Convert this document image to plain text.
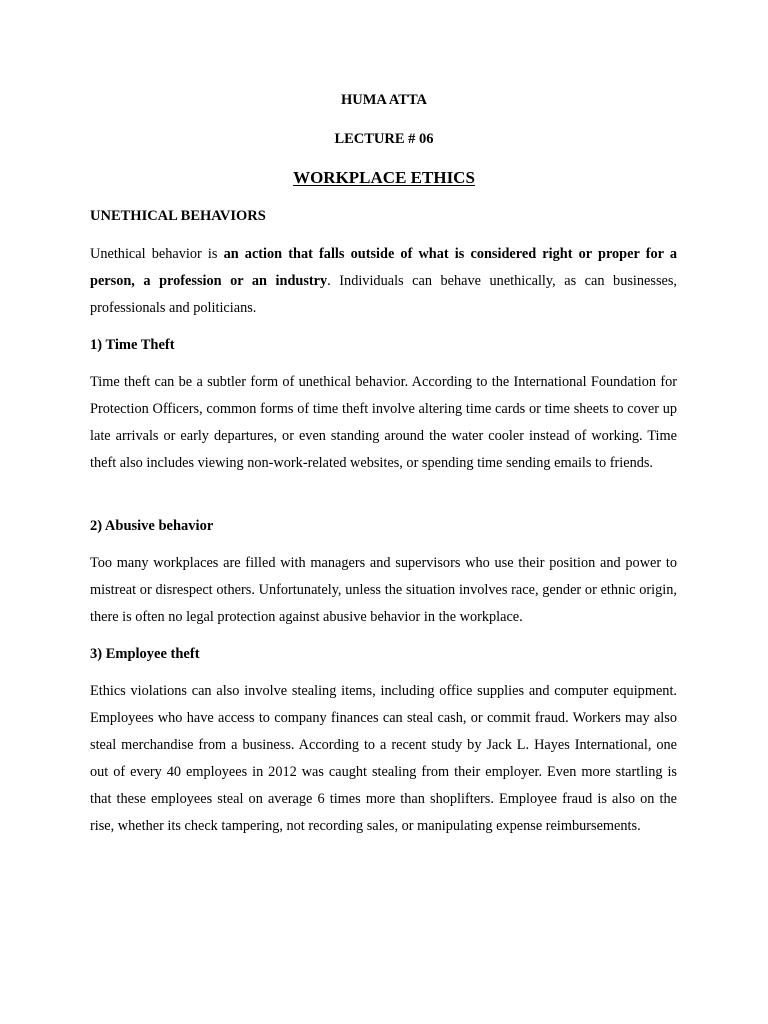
HUMA ATTA
LECTURE # 06
WORKPLACE ETHICS
UNETHICAL BEHAVIORS

Unethical behavior is an action that falls outside of what is considered right or proper for a person, a profession or an industry. Individuals can behave unethically, as can businesses, professionals and politicians.

1) Time Theft

Time theft can be a subtler form of unethical behavior. According to the International Foundation for Protection Officers, common forms of time theft involve altering time cards or time sheets to cover up late arrivals or early departures, or even standing around the water cooler instead of working. Time theft also includes viewing non-work-related websites, or spending time sending emails to friends.

2) Abusive behavior

Too many workplaces are filled with managers and supervisors who use their position and power to mistreat or disrespect others. Unfortunately, unless the situation involves race, gender or ethnic origin, there is often no legal protection against abusive behavior in the workplace.

3) Employee theft

Ethics violations can also involve stealing items, including office supplies and computer equipment. Employees who have access to company finances can steal cash, or commit fraud. Workers may also steal merchandise from a business. According to a recent study by Jack L. Hayes International, one out of every 40 employees in 2012 was caught stealing from their employer. Even more startling is that these employees steal on average 6 times more than shoplifters. Employee fraud is also on the rise, whether its check tampering, not recording sales, or manipulating expense reimbursements.
